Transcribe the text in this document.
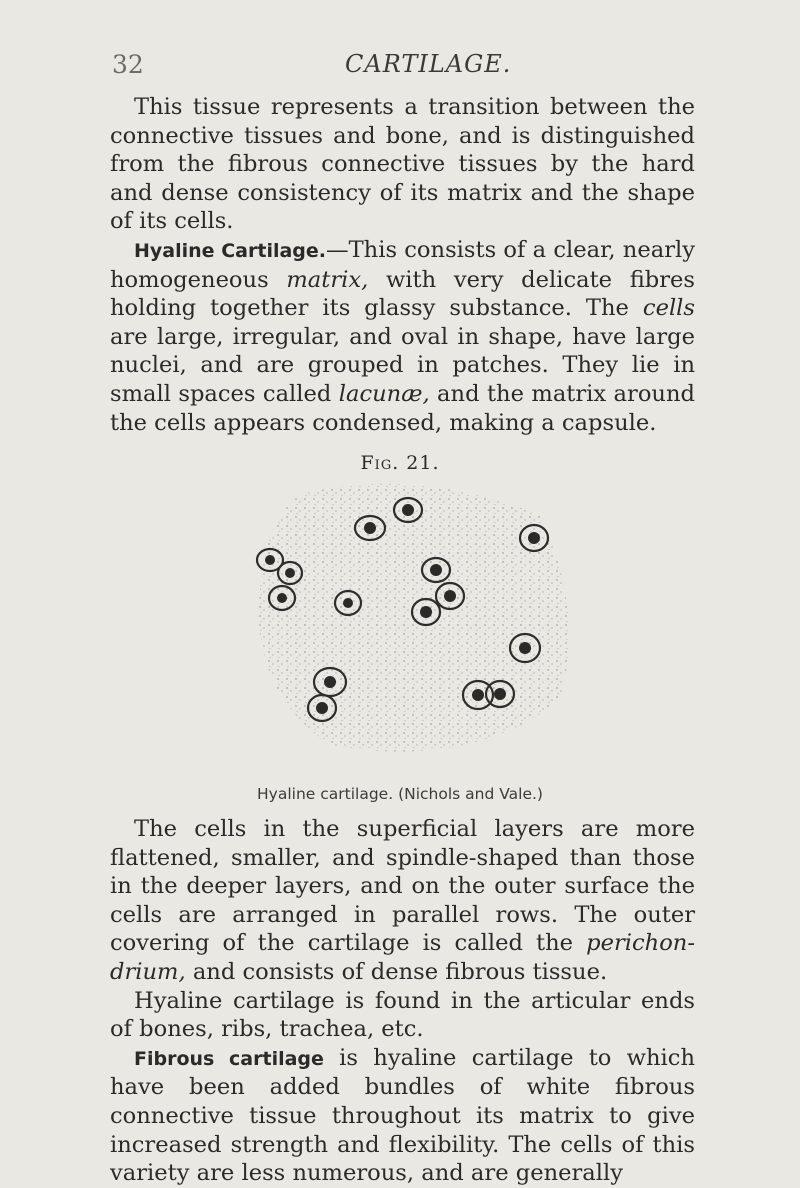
32	CARTILAGE.

This tissue represents a transition between the connective tissues and bone, and is distinguished from the fibrous connective tissues by the hard and dense consistency of its matrix and the shape of its cells.

Hyaline Cartilage.—This consists of a clear, nearly homogeneous matrix, with very delicate fibres holding together its glassy substance. The cells are large, irregular, and oval in shape, have large nuclei, and are grouped in patches. They lie in small spaces called lacunæ, and the matrix around the cells appears condensed, making a capsule.

Fig. 21.
Hyaline cartilage. (Nichols and Vale.)

The cells in the superficial layers are more flattened, smaller, and spindle-shaped than those in the deeper layers, and on the outer surface the cells are arranged in parallel rows. The outer covering of the cartilage is called the perichon-drium, and consists of dense fibrous tissue.

Hyaline cartilage is found in the articular ends of bones, ribs, trachea, etc.

Fibrous cartilage is hyaline cartilage to which have been added bundles of white fibrous connective tissue throughout its matrix to give increased strength and flexibility. The cells of this variety are less numerous, and are generally
